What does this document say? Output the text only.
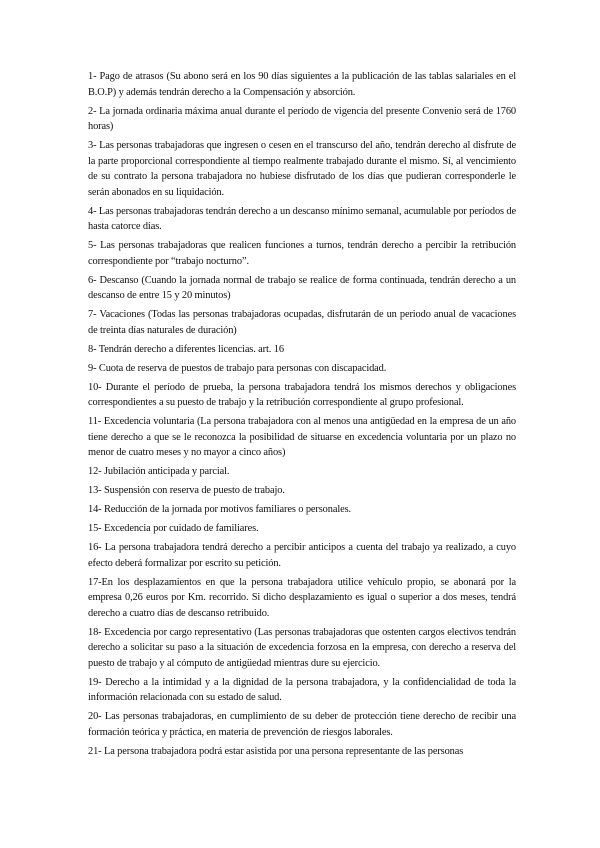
1- Pago de atrasos (Su abono será en los 90 días siguientes a la publicación de las tablas salariales en el B.O.P) y además tendrán derecho a la Compensación y absorción.

2- La jornada ordinaria máxima anual durante el período de vigencia del presente Convenio será de 1760 horas)

3- Las personas trabajadoras que ingresen o cesen en el transcurso del año, tendrán derecho al disfrute de la parte proporcional correspondiente al tiempo realmente trabajado durante el mismo. Sí, al vencimiento de su contrato la persona trabajadora no hubiese disfrutado de los días que pudieran corresponderle le serán abonados en su liquidación.

4- Las personas trabajadoras tendrán derecho a un descanso mínimo semanal, acumulable por períodos de hasta catorce días.

5- Las personas trabajadoras que realicen funciones a turnos, tendrán derecho a percibir la retribución correspondiente por “trabajo nocturno”.

6- Descanso (Cuando la jornada normal de trabajo se realice de forma continuada, tendrán derecho a un descanso de entre 15 y 20 minutos)

7- Vacaciones (Todas las personas trabajadoras ocupadas, disfrutarán de un periodo anual de vacaciones de treinta días naturales de duración)

8- Tendrán derecho a diferentes licencias. art. 16

9- Cuota de reserva de puestos de trabajo para personas con discapacidad.

10- Durante el período de prueba, la persona trabajadora tendrá los mismos derechos y obligaciones correspondientes a su puesto de trabajo y la retribución correspondiente al grupo profesional.

11- Excedencia voluntaria (La persona trabajadora con al menos una antigüedad en la empresa de un año tiene derecho a que se le reconozca la posibilidad de situarse en excedencia voluntaria por un plazo no menor de cuatro meses y no mayor a cinco años)

12- Jubilación anticipada y parcial.

13- Suspensión con reserva de puesto de trabajo.

14- Reducción de la jornada por motivos familiares o personales.

15- Excedencia por cuidado de familiares.

16- La persona trabajadora tendrá derecho a percibir anticipos a cuenta del trabajo ya realizado, a cuyo efecto deberá formalizar por escrito su petición.

17-En los desplazamientos en que la persona trabajadora utilice vehículo propio, se abonará por la empresa 0,26 euros por Km. recorrido. Si dicho desplazamiento es igual o superior a dos meses, tendrá derecho a cuatro días de descanso retribuido.

18- Excedencia por cargo representativo (Las personas trabajadoras que ostenten cargos electivos tendrán derecho a solicitar su paso a la situación de excedencia forzosa en la empresa, con derecho a reserva del puesto de trabajo y al cómputo de antigüedad mientras dure su ejercicio.

19- Derecho a la intimidad y a la dignidad de la persona trabajadora, y la confidencialidad de toda la información relacionada con su estado de salud.

20- Las personas trabajadoras, en cumplimiento de su deber de protección tiene derecho de recibir una formación teórica y práctica, en materia de prevención de riesgos laborales.

21- La persona trabajadora podrá estar asistida por una persona representante de las personas
